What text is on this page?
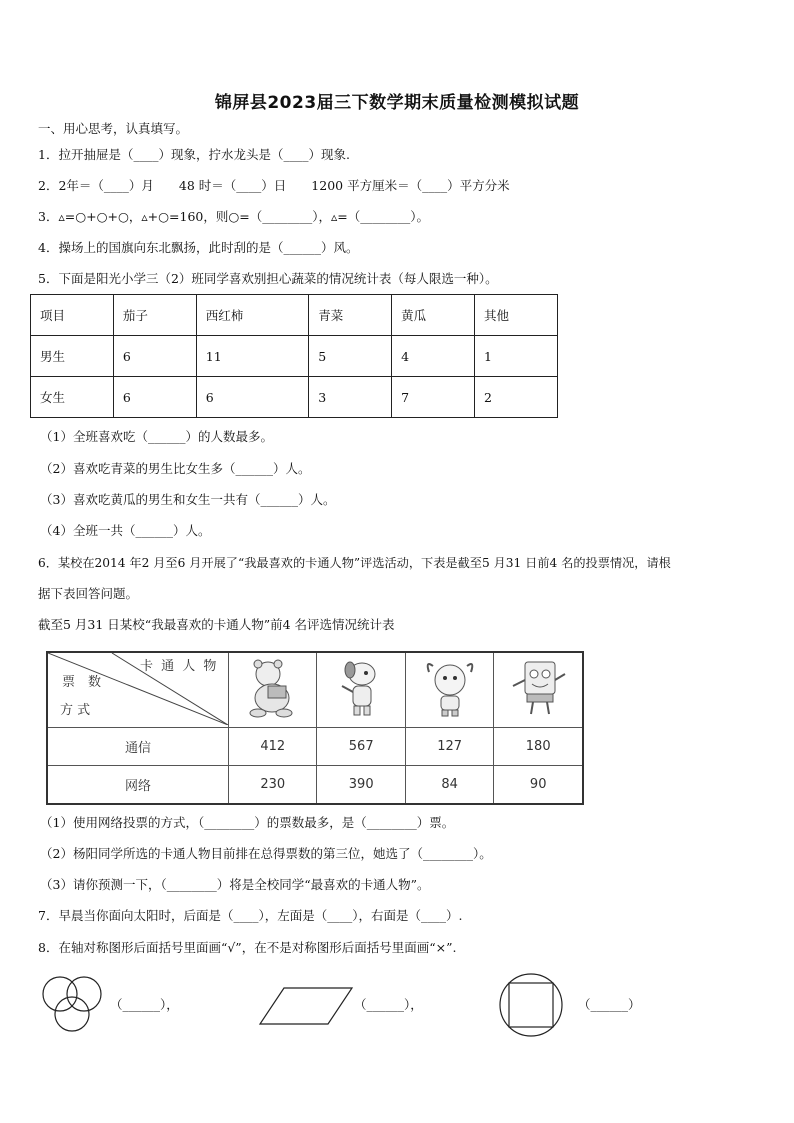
锦屏县2023届三下数学期末质量检测模拟试题
一、用心思考，认真填写。
1．拉开抽屉是（____）现象，拧水龙头是（____）现象.
2．2年＝（____）月　　48 时＝（____）日　　1200 平方厘米＝（____）平方分米
3．▵=○+○+○，▵+○=160，则○=（________），▵=（________）。
4．操场上的国旗向东北飘扬，此时刮的是（______）风。
5．下面是阳光小学三（2）班同学喜欢别担心蔬菜的情况统计表（每人限选一种）。
项目	茄子	西红柿	青菜	黄瓜	其他
男生	6	11	5	4	1
女生	6	6	3	7	2
（1）全班喜欢吃（______）的人数最多。
（2）喜欢吃青菜的男生比女生多（______）人。
（3）喜欢吃黄瓜的男生和女生一共有（______）人。
（4）全班一共（______）人。
6．某校在2014 年2 月至6 月开展了“我最喜欢的卡通人物”评选活动，下表是截至5 月31 日前4 名的投票情况，请根
据下表回答问题。
截至5 月31 日某校“我最喜欢的卡通人物”前4 名评选情况统计表
卡 通 人 物
票　数
方 式

通信	412	567	127	180
网络	230	390	84	90
（1）使用网络投票的方式，（________）的票数最多，是（________）票。
（2）杨阳同学所选的卡通人物目前排在总得票数的第三位，她选了（________）。
（3）请你预测一下，（________）将是全校同学“最喜欢的卡通人物”。
7．早晨当你面向太阳时，后面是（____），左面是（____），右面是（____）.
8．在轴对称图形后面括号里面画“√”，在不是对称图形后面括号里面画“×”.
（______），	（______），	（______）
